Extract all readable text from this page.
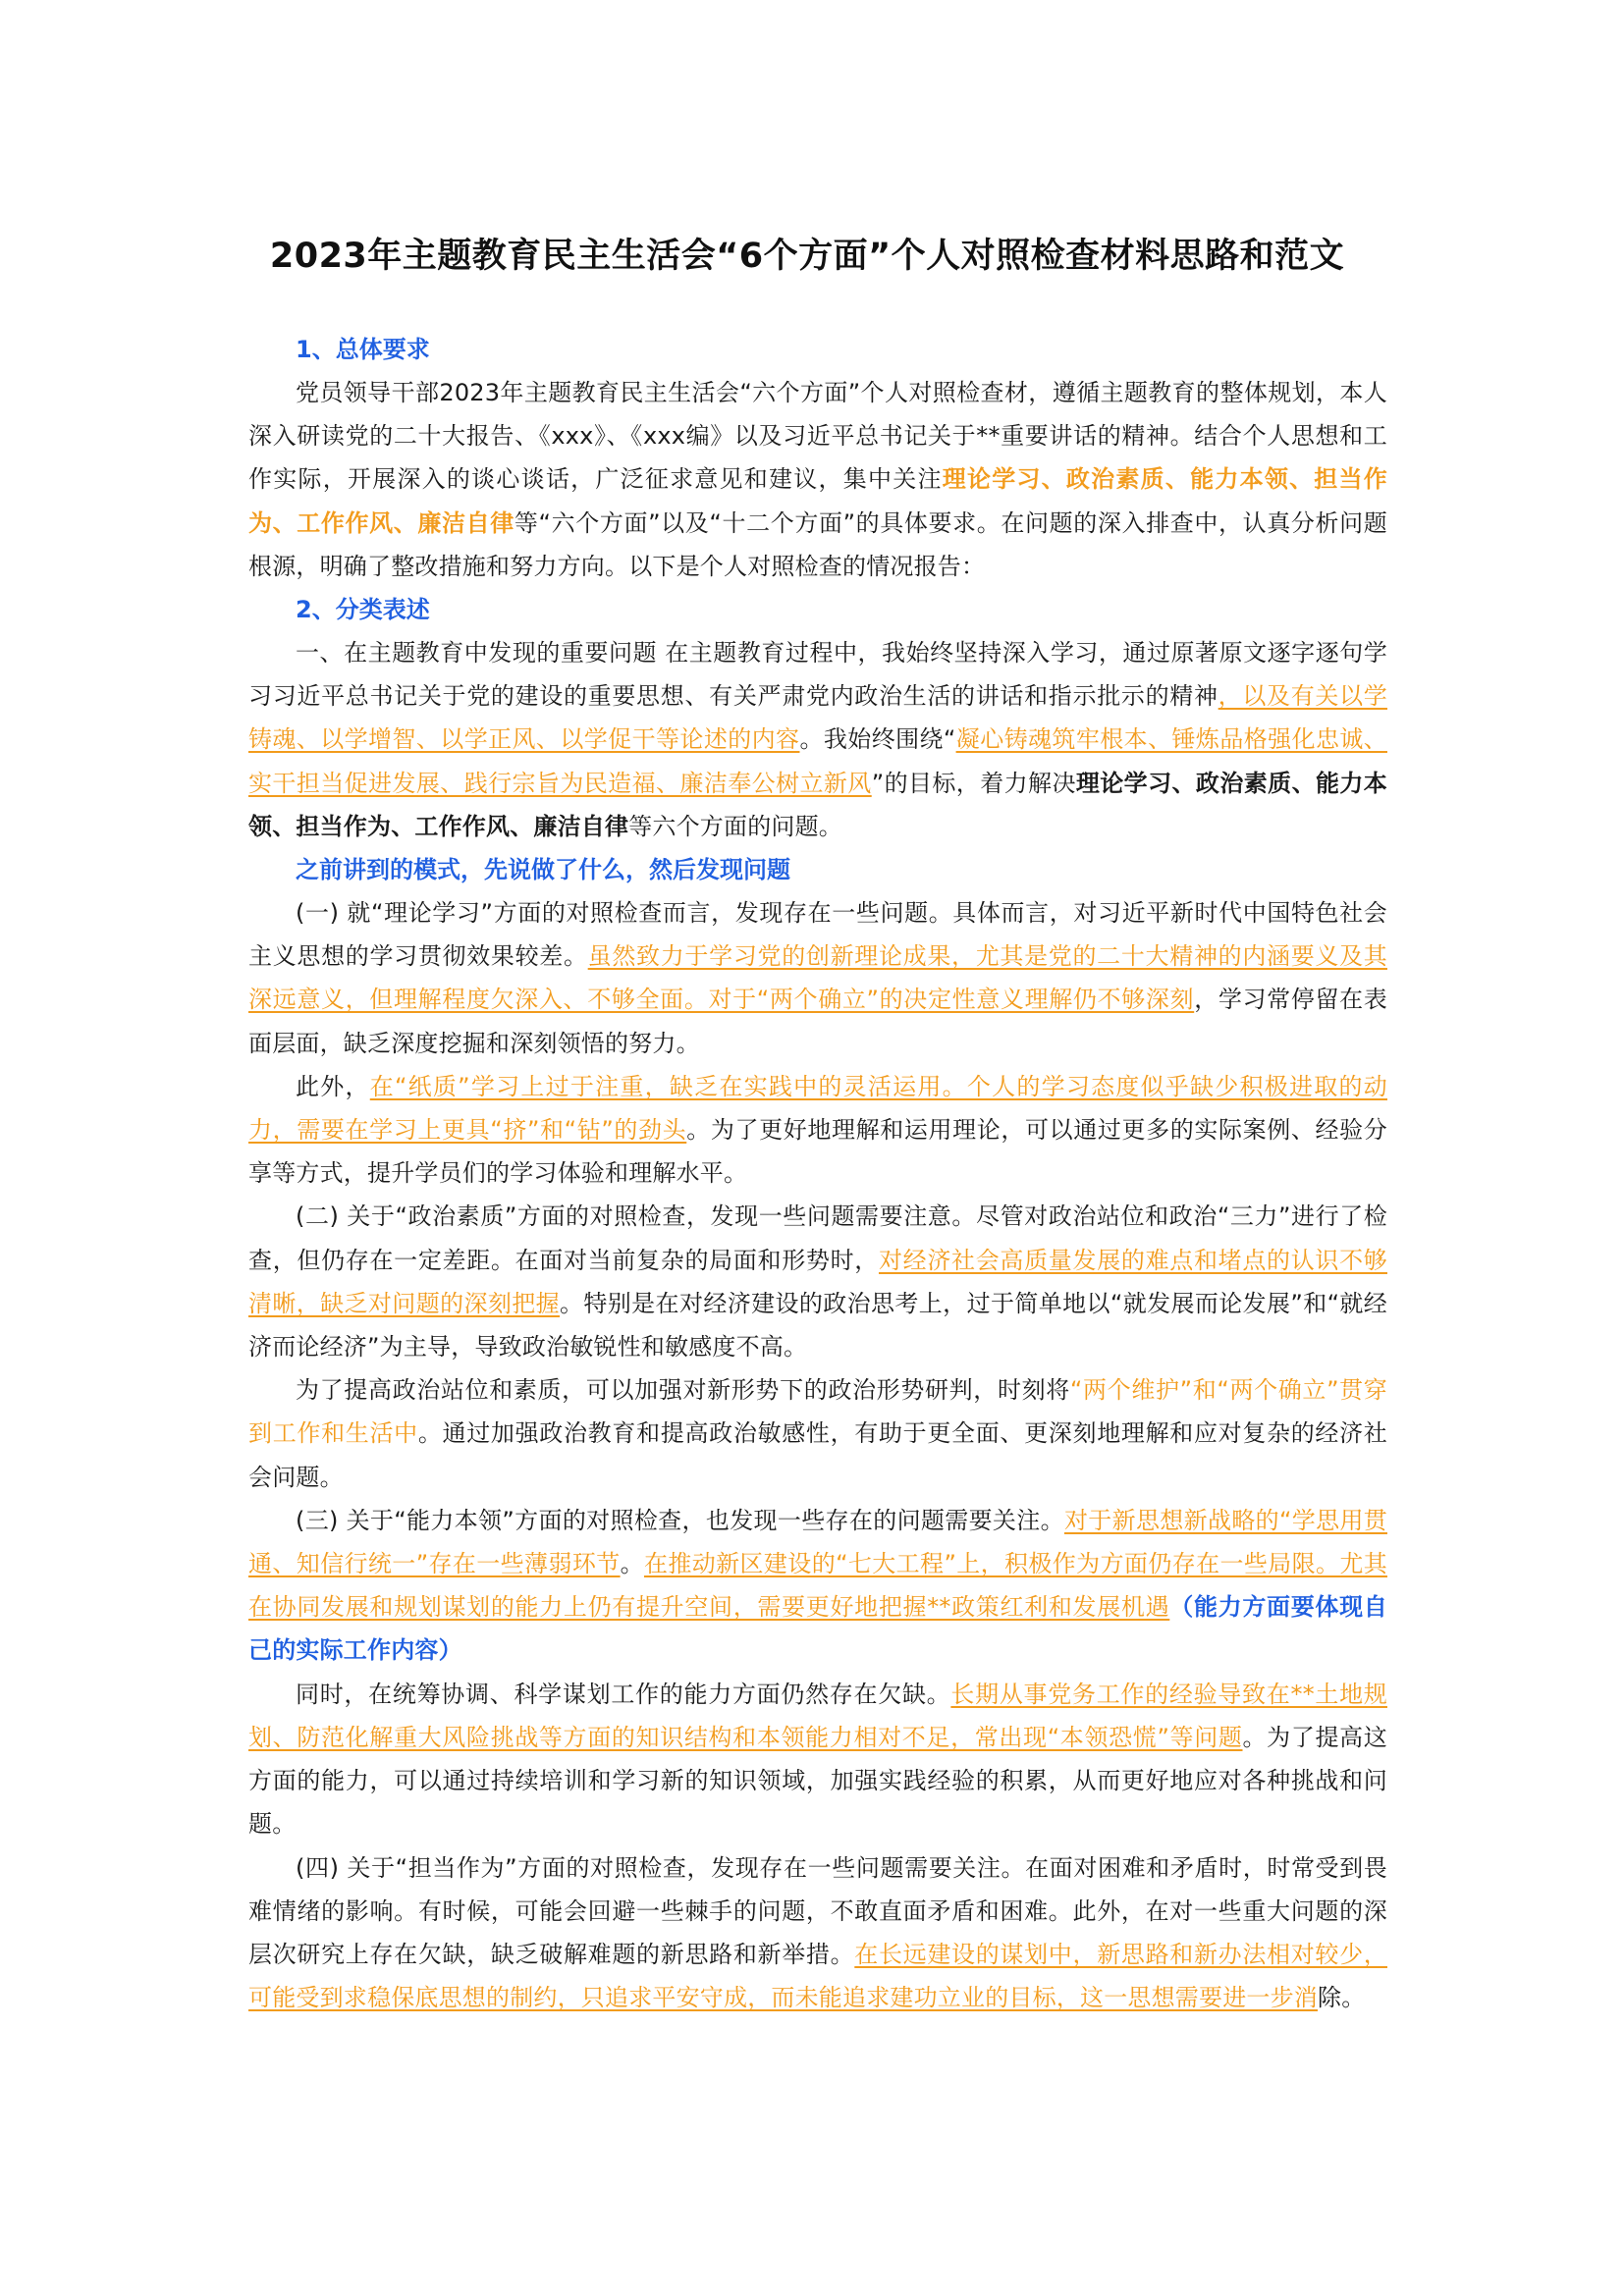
2023年主题教育民主生活会“6个方面”个人对照检查材料思路和范文

1、总体要求

党员领导干部2023年主题教育民主生活会“六个方面”个人对照检查材，遵循主题教育的整体规划，本人深入研读党的二十大报告、《xxx》、《xxx编》以及习近平总书记关于**重要讲话的精神。结合个人思想和工作实际，开展深入的谈心谈话，广泛征求意见和建议，集中关注理论学习、政治素质、能力本领、担当作为、工作作风、廉洁自律等“六个方面”以及“十二个方面”的具体要求。在问题的深入排查中，认真分析问题根源，明确了整改措施和努力方向。以下是个人对照检查的情况报告：

2、分类表述

一、在主题教育中发现的重要问题 在主题教育过程中，我始终坚持深入学习，通过原著原文逐字逐句学习习近平总书记关于党的建设的重要思想、有关严肃党内政治生活的讲话和指示批示的精神，以及有关以学铸魂、以学增智、以学正风、以学促干等论述的内容。我始终围绕“凝心铸魂筑牢根本、锤炼品格强化忠诚、实干担当促进发展、践行宗旨为民造福、廉洁奉公树立新风”的目标，着力解决理论学习、政治素质、能力本领、担当作为、工作作风、廉洁自律等六个方面的问题。

之前讲到的模式，先说做了什么，然后发现问题

(一) 就“理论学习”方面的对照检查而言，发现存在一些问题。具体而言，对习近平新时代中国特色社会主义思想的学习贯彻效果较差。虽然致力于学习党的创新理论成果，尤其是党的二十大精神的内涵要义及其深远意义，但理解程度欠深入、不够全面。对于“两个确立”的决定性意义理解仍不够深刻，学习常停留在表面层面，缺乏深度挖掘和深刻领悟的努力。

此外，在“纸质”学习上过于注重，缺乏在实践中的灵活运用。个人的学习态度似乎缺少积极进取的动力，需要在学习上更具“挤”和“钻”的劲头。为了更好地理解和运用理论，可以通过更多的实际案例、经验分享等方式，提升学员们的学习体验和理解水平。

(二) 关于“政治素质”方面的对照检查，发现一些问题需要注意。尽管对政治站位和政治“三力”进行了检查，但仍存在一定差距。在面对当前复杂的局面和形势时，对经济社会高质量发展的难点和堵点的认识不够清晰，缺乏对问题的深刻把握。特别是在对经济建设的政治思考上，过于简单地以“就发展而论发展”和“就经济而论经济”为主导，导致政治敏锐性和敏感度不高。

为了提高政治站位和素质，可以加强对新形势下的政治形势研判，时刻将“两个维护”和“两个确立”贯穿到工作和生活中。通过加强政治教育和提高政治敏感性，有助于更全面、更深刻地理解和应对复杂的经济社会问题。

(三) 关于“能力本领”方面的对照检查，也发现一些存在的问题需要关注。对于新思想新战略的“学思用贯通、知信行统一”存在一些薄弱环节。在推动新区建设的“七大工程”上，积极作为方面仍存在一些局限。尤其在协同发展和规划谋划的能力上仍有提升空间，需要更好地把握**政策红利和发展机遇（能力方面要体现自己的实际工作内容）

同时，在统筹协调、科学谋划工作的能力方面仍然存在欠缺。长期从事党务工作的经验导致在**土地规划、防范化解重大风险挑战等方面的知识结构和本领能力相对不足，常出现“本领恐慌”等问题。为了提高这方面的能力，可以通过持续培训和学习新的知识领域，加强实践经验的积累，从而更好地应对各种挑战和问题。

(四) 关于“担当作为”方面的对照检查，发现存在一些问题需要关注。在面对困难和矛盾时，时常受到畏难情绪的影响。有时候，可能会回避一些棘手的问题，不敢直面矛盾和困难。此外，在对一些重大问题的深层次研究上存在欠缺，缺乏破解难题的新思路和新举措。在长远建设的谋划中，新思路和新办法相对较少，可能受到求稳保底思想的制约，只追求平安守成，而未能追求建功立业的目标，这一思想需要进一步消除。
